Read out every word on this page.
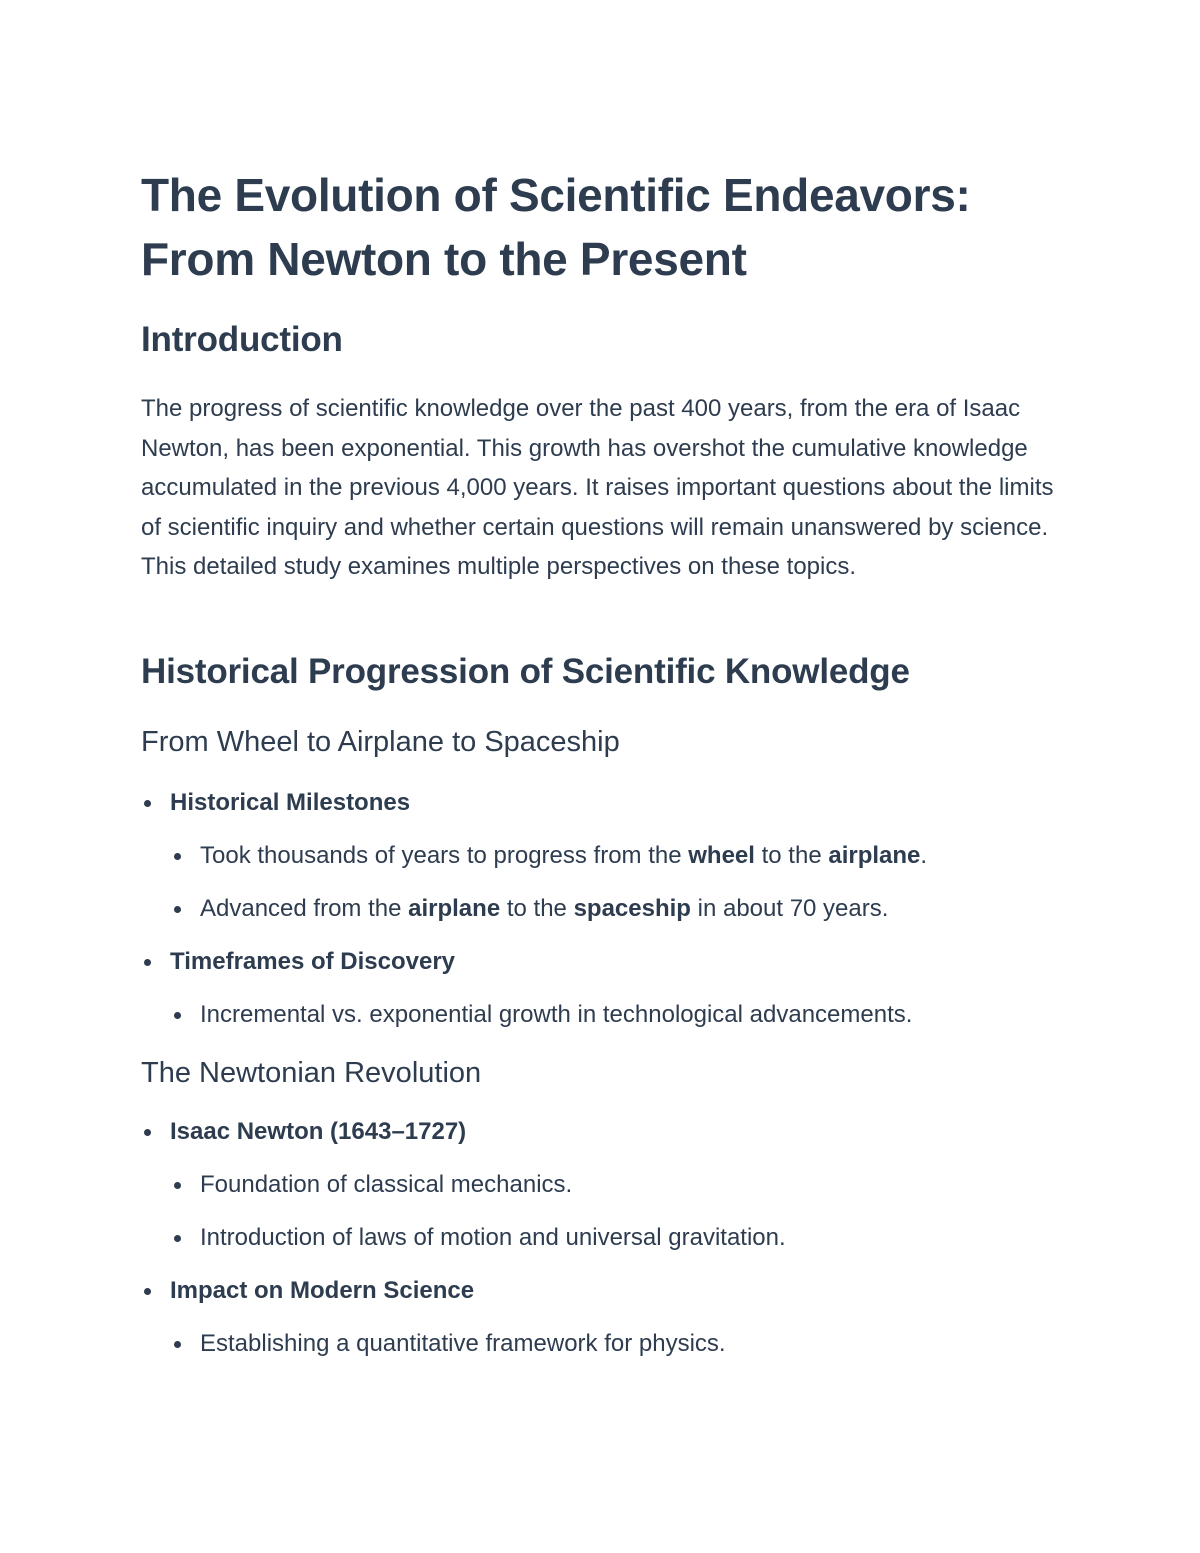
The Evolution of Scientific Endeavors:
From Newton to the Present
Introduction

The progress of scientific knowledge over the past 400 years, from the era of Isaac Newton, has been exponential. This growth has overshot the cumulative knowledge accumulated in the previous 4,000 years. It raises important questions about the limits of scientific inquiry and whether certain questions will remain unanswered by science. This detailed study examines multiple perspectives on these topics.

Historical Progression of Scientific Knowledge
From Wheel to Airplane to Spaceship
Historical Milestones
Took thousands of years to progress from the wheel to the airplane.
Advanced from the airplane to the spaceship in about 70 years.
Timeframes of Discovery
Incremental vs. exponential growth in technological advancements.
The Newtonian Revolution
Isaac Newton (1643–1727)
Foundation of classical mechanics.
Introduction of laws of motion and universal gravitation.
Impact on Modern Science
Establishing a quantitative framework for physics.
